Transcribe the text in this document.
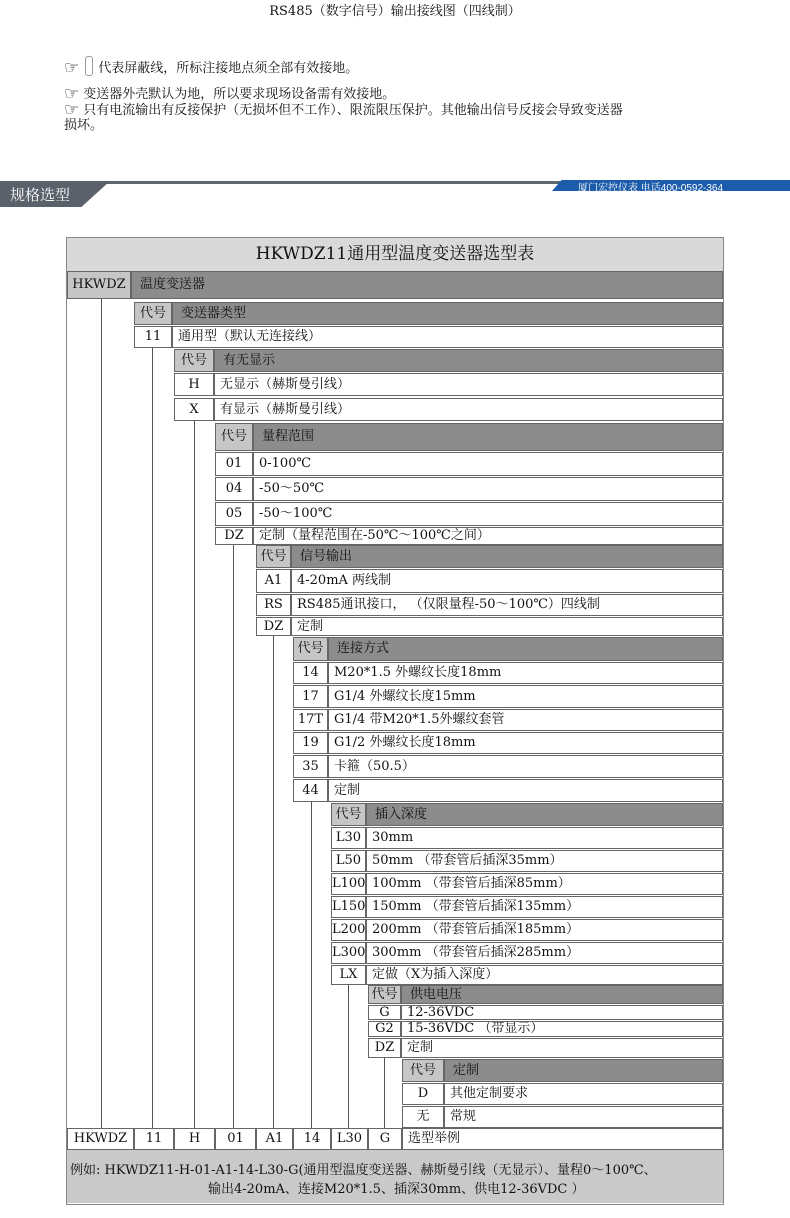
RS485（数字信号）输出接线图（四线制）
☞ 代表屏蔽线，所标注接地点须全部有效接地。
☞ 变送器外壳默认为地，所以要求现场设备需有效接地。
☞ 只有电流输出有反接保护（无损坏但不工作）、限流限压保护。其他输出信号反接会导致变送器
损坏。
规格选型	厦门宏控仪表 电话400-0592-364
HKWDZ11通用型温度变送器选型表
HKWDZ	温度变送器
代号	变送器类型
11	通用型（默认无连接线）
代号	有无显示
H	无显示（赫斯曼引线）
X	有显示（赫斯曼引线）
代号	量程范围
01	0-100℃
04	-50～50℃
05	-50～100℃
DZ	定制（量程范围在-50℃～100℃之间）
代号	信号输出
A1	4-20mA 两线制
RS	RS485通讯接口， （仅限量程-50～100℃）四线制
DZ	定制
代号	连接方式
14	M20*1.5 外螺纹长度18mm
17	G1/4 外螺纹长度15mm
17T G1/4 带M20*1.5外螺纹套管
19	G1/2 外螺纹长度18mm
35	卡箍（50.5）
44	定制
代号	插入深度
L30 30mm
L50 50mm （带套管后插深35mm）
L100 100mm （带套管后插深85mm）
L150 150mm （带套管后插深135mm）
L200 200mm （带套管后插深185mm）
L300 300mm （带套管后插深285mm）
LX	定做（X为插入深度）
代号 供电电压
G	12-36VDC
G2	15-36VDC （带显示）
DZ 定制
代号	定制
D	其他定制要求
无	常规
HKWDZ	11	H	01	A1	14	L30	G	选型举例
例如: HKWDZ11-H-01-A1-14-L30-G(通用型温度变送器、赫斯曼引线（无显示）、量程0～100℃、
输出4-20mA、连接M20*1.5、插深30mm、供电12-36VDC ）
